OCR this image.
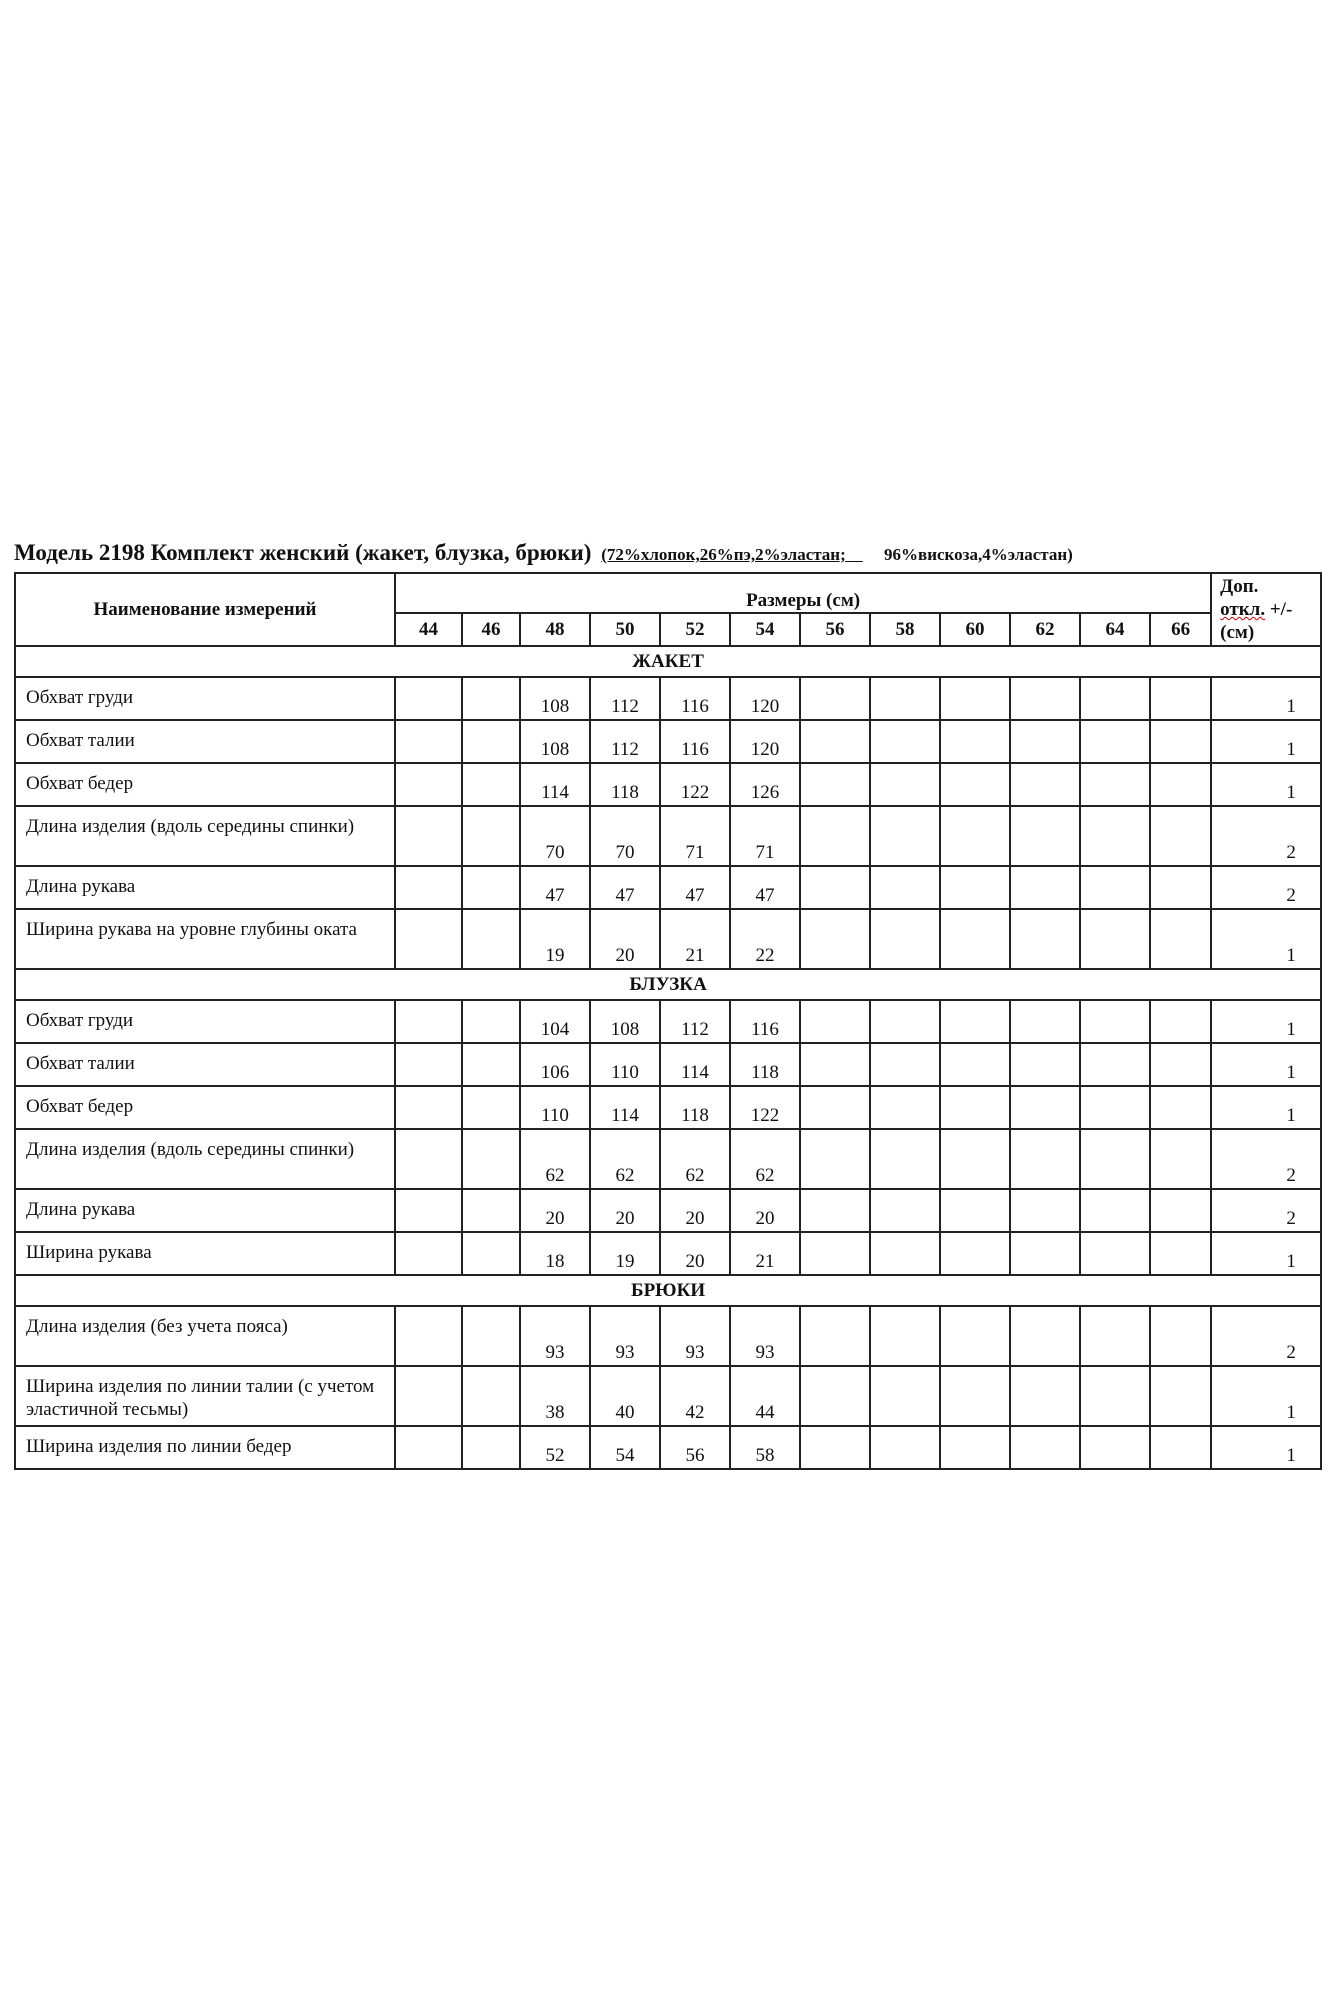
Модель 2198 Комплект женский (жакет, блузка, брюки) (72%хлопок,26%пэ,2%эластан; 96%вискоза,4%эластан)
Наименование измерений	Размеры (см)												Доп.
откл. +/-
(см)
	44	46	48	50	52	54	56	58	60	62	64	66	
ЖАКЕТ													
Обхват груди			108	112	116	120							1
Обхват талии			108	112	116	120							1
Обхват бедер			114	118	122	126							1
Длина изделия (вдоль середины спинки)			70	70	71	71							2
Длина рукава			47	47	47	47							2
Ширина рукава на уровне глубины оката			19	20	21	22							1
БЛУЗКА													
Обхват груди			104	108	112	116							1
Обхват талии			106	110	114	118							1
Обхват бедер			110	114	118	122							1
Длина изделия (вдоль середины спинки)			62	62	62	62							2
Длина рукава			20	20	20	20							2
Ширина рукава			18	19	20	21							1
БРЮКИ													
Длина изделия (без учета пояса)			93	93	93	93							2
Ширина изделия по линии талии (с учетом эластичной тесьмы)			38	40	42	44							1
Ширина изделия по линии бедер			52	54	56	58							1
